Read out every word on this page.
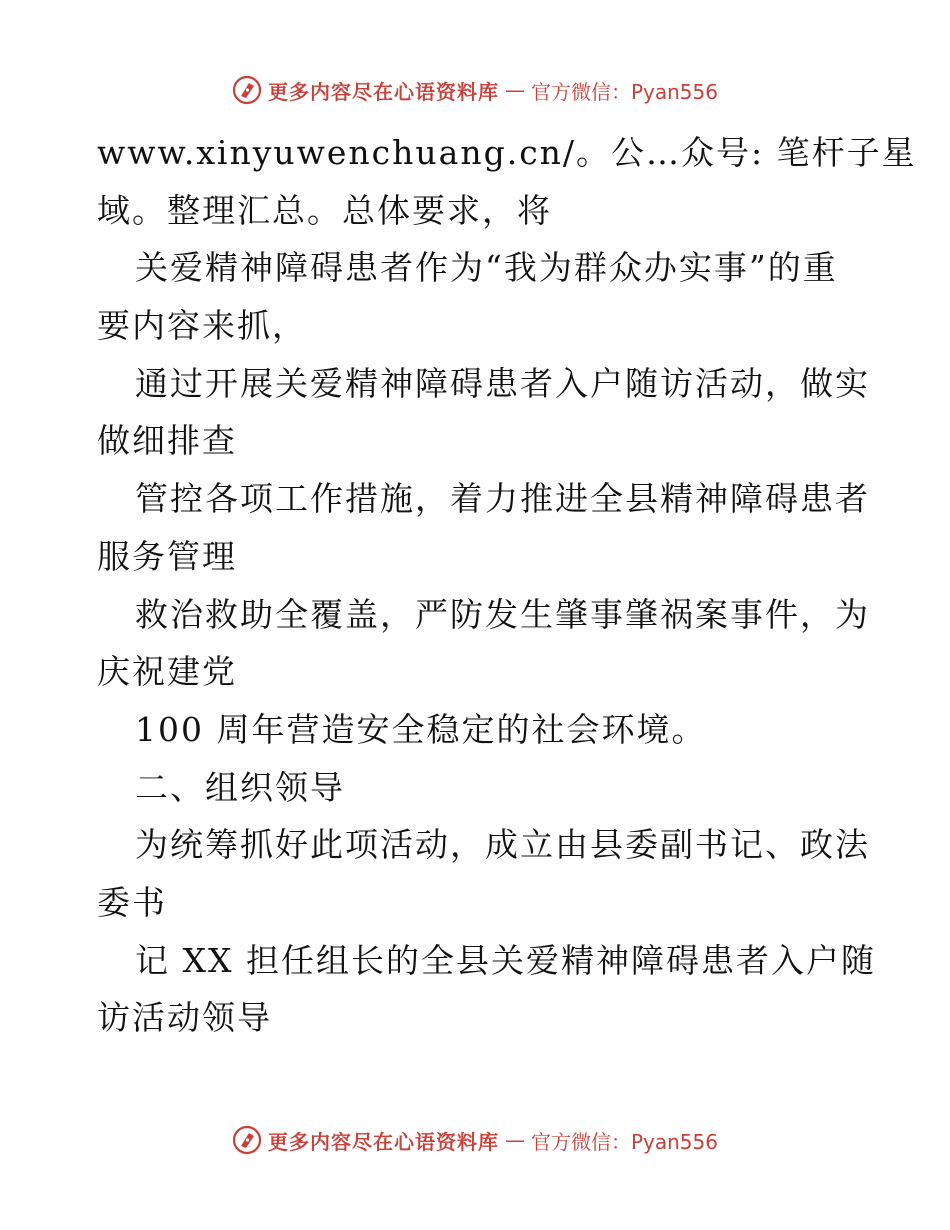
更多内容尽在心语资料库 — 官方微信：Pyan556
www.xinyuwenchuang.cn/。公…众号: 笔杆子星
域。整理汇总。总体要求，将
关爱精神障碍患者作为“我为群众办实事”的重
要内容来抓，
通过开展关爱精神障碍患者入户随访活动，做实
做细排查
管控各项工作措施，着力推进全县精神障碍患者
服务管理
救治救助全覆盖，严防发生肇事肇祸案事件，为
庆祝建党
100 周年营造安全稳定的社会环境。
二、组织领导
为统筹抓好此项活动，成立由县委副书记、政法
委书
记 XX 担任组长的全县关爱精神障碍患者入户随
访活动领导
更多内容尽在心语资料库 — 官方微信：Pyan556
